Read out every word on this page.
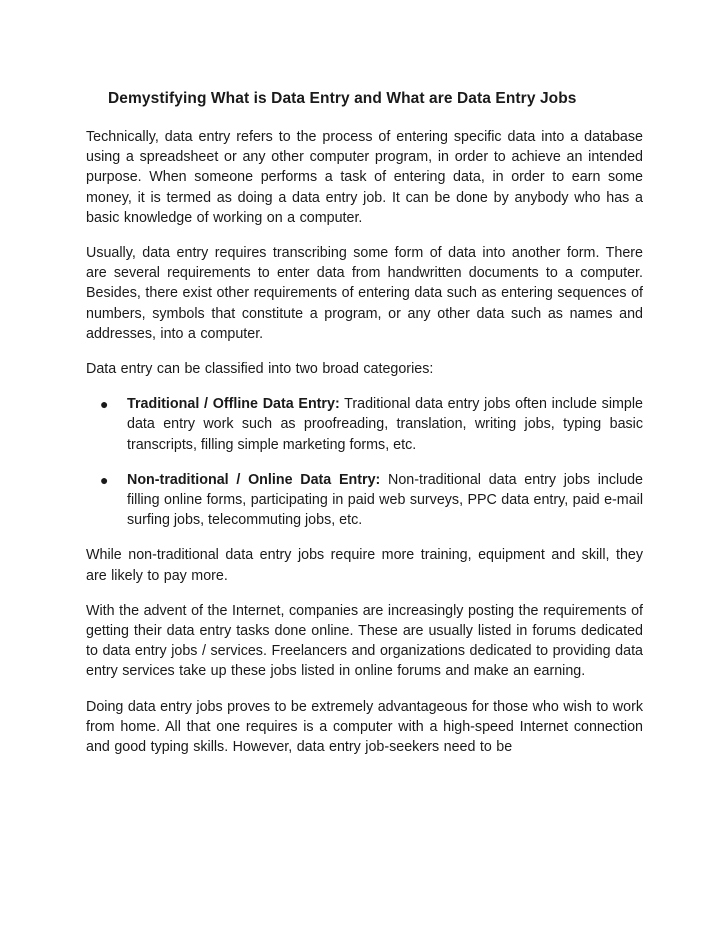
Demystifying What is Data Entry and What are Data Entry Jobs

Technically, data entry refers to the process of entering specific data into a database using a spreadsheet or any other computer program, in order to achieve an intended purpose. When someone performs a task of entering data, in order to earn some money, it is termed as doing a data entry job. It can be done by anybody who has a basic knowledge of working on a computer.

Usually, data entry requires transcribing some form of data into another form. There are several requirements to enter data from handwritten documents to a computer. Besides, there exist other requirements of entering data such as entering sequences of numbers, symbols that constitute a program, or any other data such as names and addresses, into a computer.

Data entry can be classified into two broad categories:

● Traditional / Offline Data Entry: Traditional data entry jobs often include simple data entry work such as proofreading, translation, writing jobs, typing basic transcripts, filling simple marketing forms, etc.
● Non-traditional / Online Data Entry: Non-traditional data entry jobs include filling online forms, participating in paid web surveys, PPC data entry, paid e-mail surfing jobs, telecommuting jobs, etc.

While non-traditional data entry jobs require more training, equipment and skill, they are likely to pay more.

With the advent of the Internet, companies are increasingly posting the requirements of getting their data entry tasks done online. These are usually listed in forums dedicated to data entry jobs / services. Freelancers and organizations dedicated to providing data entry services take up these jobs listed in online forums and make an earning.

Doing data entry jobs proves to be extremely advantageous for those who wish to work from home. All that one requires is a computer with a high-speed Internet connection and good typing skills. However, data entry job-seekers need to be
